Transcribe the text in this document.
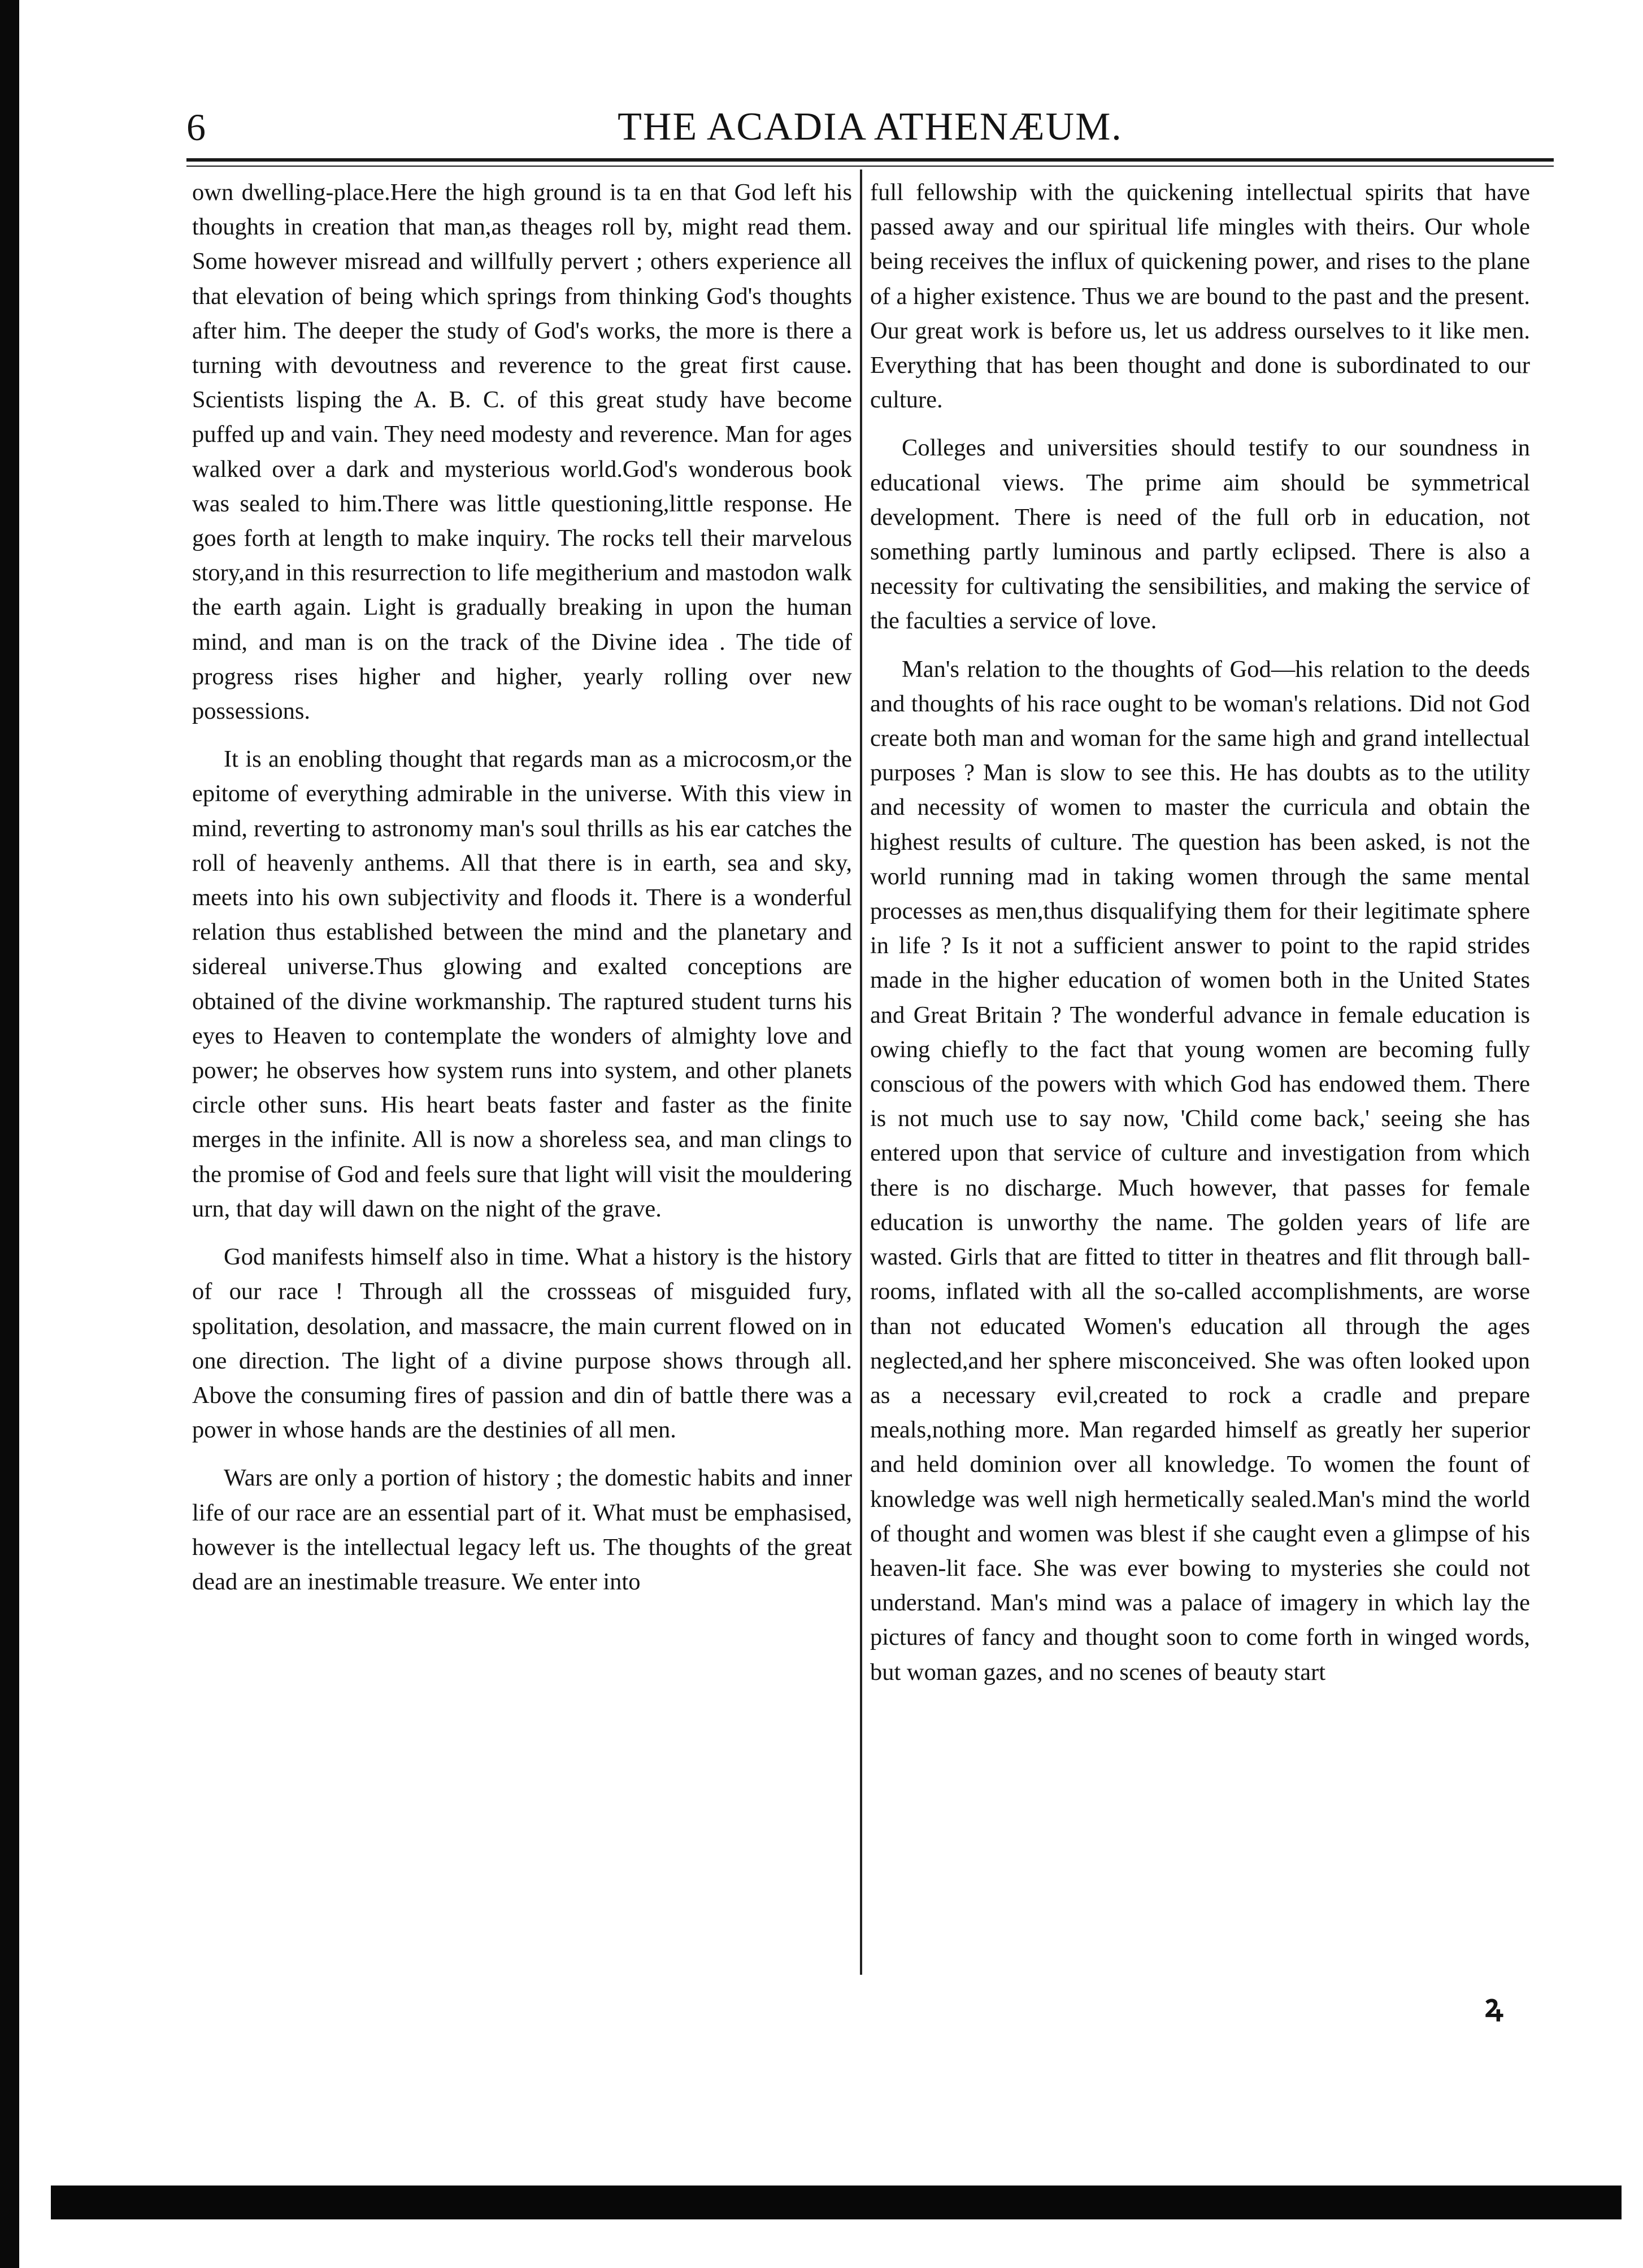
6	THE ACADIA ATHENÆUM.

own dwelling-place.Here the high ground is ta en that God left his thoughts in creation that man,as theages roll by, might read them. Some however misread and willfully pervert ; others experience all that elevation of being which springs from thinking God's thoughts after him. The deeper the study of God's works, the more is there a turning with devoutness and reverence to the great first cause. Scientists lisping the A. B. C. of this great study have become puffed up and vain. They need modesty and reverence. Man for ages walked over a dark and mysterious world.God's wonderous book was sealed to him.There was little questioning,little response. He goes forth at length to make inquiry. The rocks tell their marvelous story,and in this resurrection to life megitherium and mastodon walk the earth again. Light is gradually breaking in upon the human mind, and man is on the track of the Divine idea . The tide of progress rises higher and higher, yearly rolling over new possessions.

It is an enobling thought that regards man as a microcosm,or the epitome of everything admirable in the universe. With this view in mind, reverting to astronomy man's soul thrills as his ear catches the roll of heavenly anthems. All that there is in earth, sea and sky, meets into his own subjectivity and floods it. There is a wonderful relation thus established between the mind and the planetary and sidereal universe.Thus glowing and exalted conceptions are obtained of the divine workmanship. The raptured student turns his eyes to Heaven to contemplate the wonders of almighty love and power; he observes how system runs into system, and other planets circle other suns. His heart beats faster and faster as the finite merges in the infinite. All is now a shoreless sea, and man clings to the promise of God and feels sure that light will visit the mouldering urn, that day will dawn on the night of the grave.

God manifests himself also in time. What a history is the history of our race ! Through all the crossseas of misguided fury, spolitation, desolation, and massacre, the main current flowed on in one direction. The light of a divine purpose shows through all. Above the consuming fires of passion and din of battle there was a power in whose hands are the destinies of all men.

Wars are only a portion of history ; the domestic habits and inner life of our race are an essential part of it. What must be emphasised, however is the intellectual legacy left us. The thoughts of the great dead are an inestimable treasure. We enter into

full fellowship with the quickening intellectual spirits that have passed away and our spiritual life mingles with theirs. Our whole being receives the influx of quickening power, and rises to the plane of a higher existence. Thus we are bound to the past and the present. Our great work is before us, let us address ourselves to it like men. Everything that has been thought and done is subordinated to our culture.

Colleges and universities should testify to our soundness in educational views. The prime aim should be symmetrical development. There is need of the full orb in education, not something partly luminous and partly eclipsed. There is also a necessity for cultivating the sensibilities, and making the service of the faculties a service of love.

Man's relation to the thoughts of God—his relation to the deeds and thoughts of his race ought to be woman's relations. Did not God create both man and woman for the same high and grand intellectual purposes ? Man is slow to see this. He has doubts as to the utility and necessity of women to master the curricula and obtain the highest results of culture. The question has been asked, is not the world running mad in taking women through the same mental processes as men,thus disqualifying them for their legitimate sphere in life ? Is it not a sufficient answer to point to the rapid strides made in the higher education of women both in the United States and Great Britain ? The wonderful advance in female education is owing chiefly to the fact that young women are becoming fully conscious of the powers with which God has endowed them. There is not much use to say now, 'Child come back,' seeing she has entered upon that service of culture and investigation from which there is no discharge. Much however, that passes for female education is unworthy the name. The golden years of life are wasted. Girls that are fitted to titter in theatres and flit through ball-rooms, inflated with all the so-called accomplishments, are worse than not educated Women's education all through the ages neglected,and her sphere misconceived. She was often looked upon as a necessary evil,created to rock a cradle and prepare meals,nothing more. Man regarded himself as greatly her superior and held dominion over all knowledge. To women the fount of knowledge was well nigh hermetically sealed.Man's mind the world of thought and women was blest if she caught even a glimpse of his heaven-lit face. She was ever bowing to mysteries she could not understand. Man's mind was a palace of imagery in which lay the pictures of fancy and thought soon to come forth in winged words, but woman gazes, and no scenes of beauty start

ꝝ
